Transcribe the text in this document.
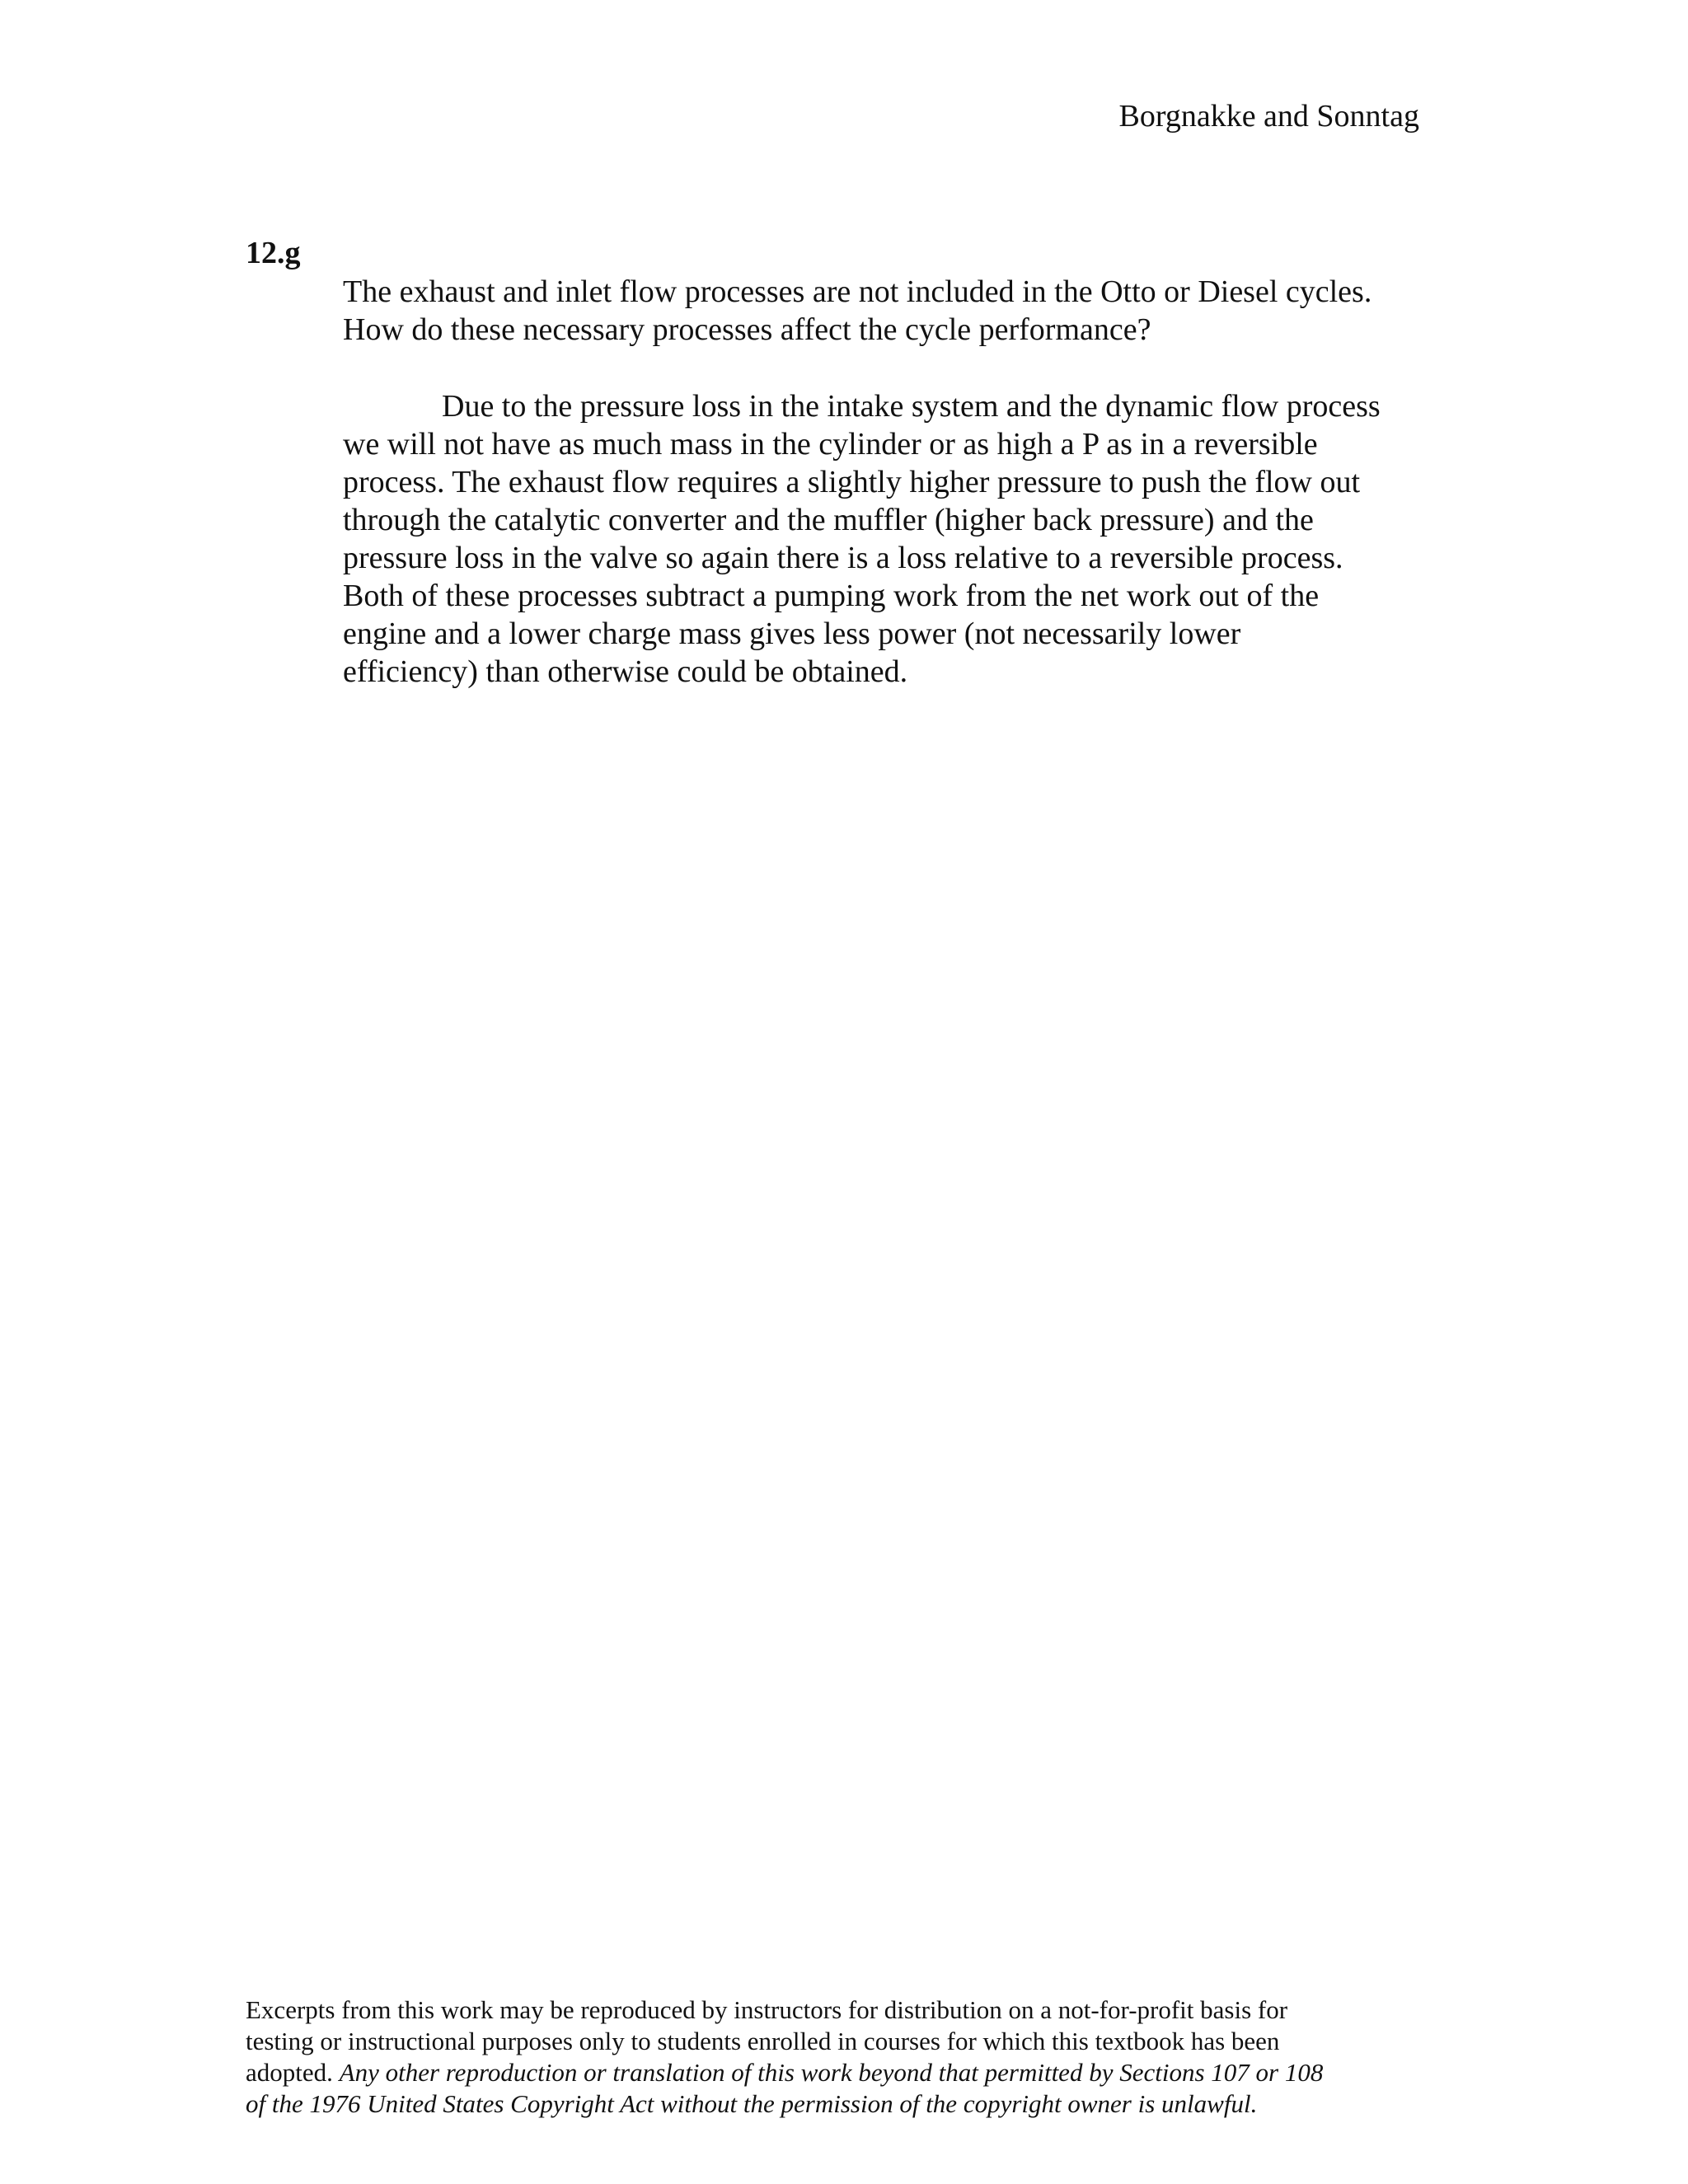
Borgnakke and Sonntag
12.g
The exhaust and inlet flow processes are not included in the Otto or Diesel cycles.
How do these necessary processes affect the cycle performance?
Due to the pressure loss in the intake system and the dynamic flow process
we will not have as much mass in the cylinder or as high a P as in a reversible
process. The exhaust flow requires a slightly higher pressure to push the flow out
through the catalytic converter and the muffler (higher back pressure) and the
pressure loss in the valve so again there is a loss relative to a reversible process.
Both of these processes subtract a pumping work from the net work out of the
engine and a lower charge mass gives less power (not necessarily lower
efficiency) than otherwise could be obtained.
Excerpts from this work may be reproduced by instructors for distribution on a not-for-profit basis for
testing or instructional purposes only to students enrolled in courses for which this textbook has been
adopted. Any other reproduction or translation of this work beyond that permitted by Sections 107 or 108
of the 1976 United States Copyright Act without the permission of the copyright owner is unlawful.
